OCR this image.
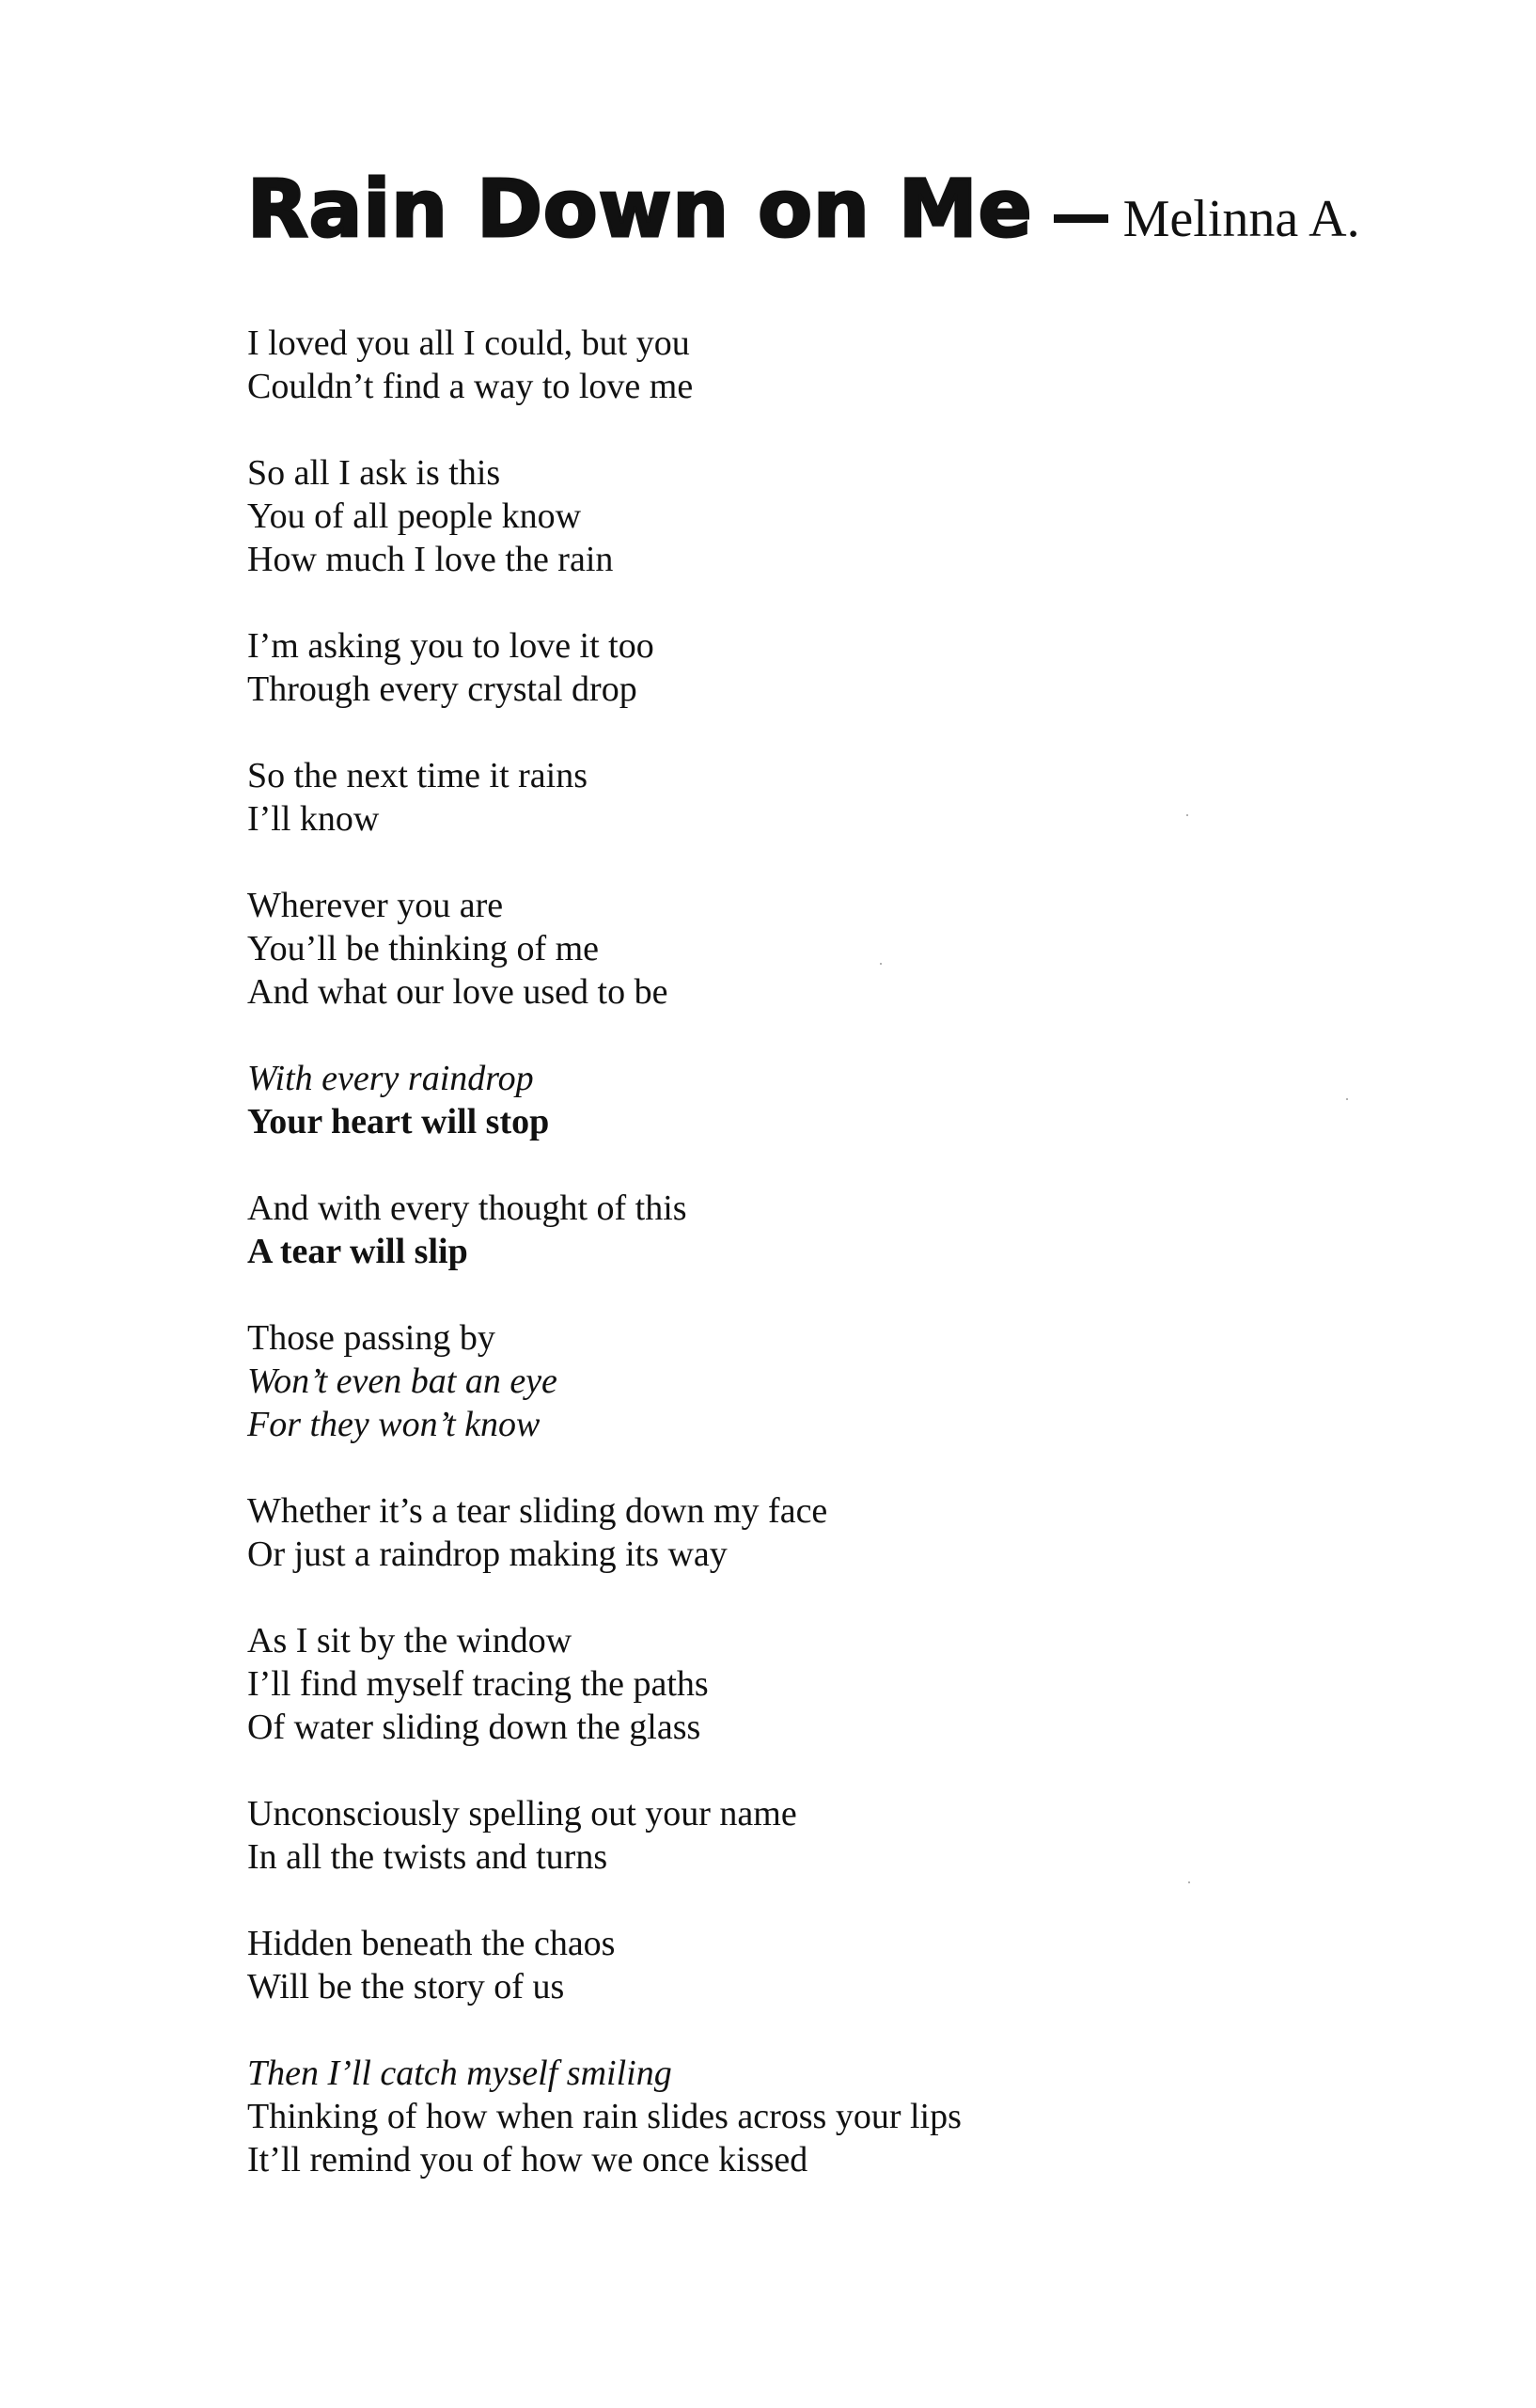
Rain Down on Me Melinna A.
I loved you all I could, but you
Couldn’t find a way to love me
So all I ask is this
You of all people know
How much I love the rain
I’m asking you to love it too
Through every crystal drop
So the next time it rains
I’ll know
Wherever you are
You’ll be thinking of me
And what our love used to be
With every raindrop
Your heart will stop
And with every thought of this
A tear will slip
Those passing by
Won’t even bat an eye
For they won’t know
Whether it’s a tear sliding down my face
Or just a raindrop making its way
As I sit by the window
I’ll find myself tracing the paths
Of water sliding down the glass
Unconsciously spelling out your name
In all the twists and turns
Hidden beneath the chaos
Will be the story of us
Then I’ll catch myself smiling
Thinking of how when rain slides across your lips
It’ll remind you of how we once kissed
